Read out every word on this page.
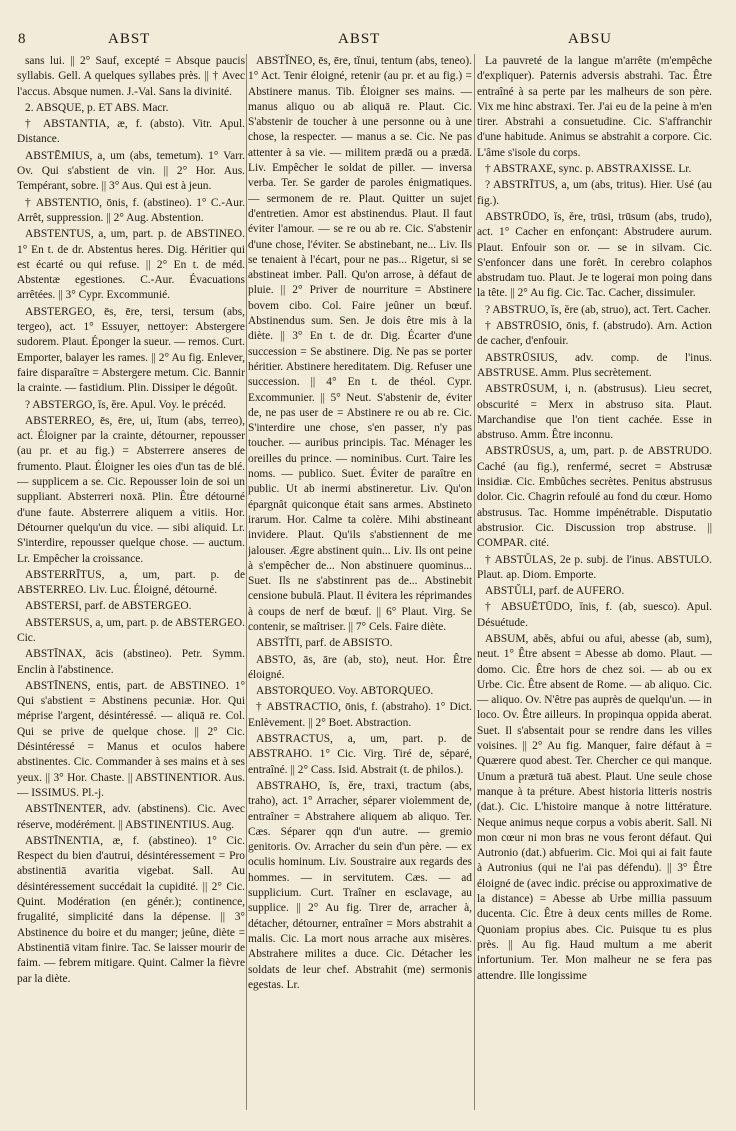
8	ABST	ABST	ABSU

sans lui. || 2° Sauf, excepté = Absque paucis syllabis. Gell. A quelques syllabes près. || † Avec l'accus. Absque numen. J.-Val. Sans la divinité.

2. ABSQUE, p. ET ABS. Macr.

† ABSTANTIA, æ, f. (absto). Vitr. Apul. Distance.

ABSTĒMIUS, a, um (abs, temetum). 1° Varr. Ov. Qui s'abstient de vin. || 2° Hor. Aus. Tempérant, sobre. || 3° Aus. Qui est à jeun.

† ABSTENTIO, ōnis, f. (abstineo). 1° C.-Aur. Arrêt, suppression. || 2° Aug. Abstention.

ABSTENTUS, a, um, part. p. de ABSTINEO. 1° En t. de dr. Abstentus heres. Dig. Héritier qui est écarté ou qui refuse. || 2° En t. de méd. Abstentæ egestiones. C.-Aur. Évacuations arrêtées. || 3° Cypr. Excommunié.

ABSTERGEO, ēs, ēre, tersi, tersum (abs, tergeo), act. 1° Essuyer, nettoyer: Abstergere sudorem. Plaut. Éponger la sueur. — remos. Curt. Emporter, balayer les rames. || 2° Au fig. Enlever, faire disparaître = Abstergere metum. Cic. Bannir la crainte. — fastidium. Plin. Dissiper le dégoût.

? ABSTERGO, ĭs, ĕre. Apul. Voy. le précéd.

ABSTERREO, ēs, ēre, ui, ĭtum (abs, terreo), act. Éloigner par la crainte, détourner, repousser (au pr. et au fig.) = Absterrere anseres de frumento. Plaut. Éloigner les oies d'un tas de blé. — supplicem a se. Cic. Repousser loin de soi un suppliant. Absterreri noxā. Plin. Être détourné d'une faute. Absterrere aliquem a vitiis. Hor. Détourner quelqu'un du vice. — sibi aliquid. Lr. S'interdire, repousser quelque chose. — auctum. Lr. Empêcher la croissance.

ABSTERRĪTUS, a, um, part. p. de ABSTERREO. Liv. Luc. Éloigné, détourné.

ABSTERSI, parf. de ABSTERGEO.

ABSTERSUS, a, um, part. p. de ABSTERGEO. Cic.

ABSTĪNAX, ācis (abstineo). Petr. Symm. Enclin à l'abstinence.

ABSTĪNENS, entis, part. de ABSTINEO. 1° Qui s'abstient = Abstinens pecuniæ. Hor. Qui méprise l'argent, désintéressé. — aliquā re. Col. Qui se prive de quelque chose. || 2° Cic. Désintéressé = Manus et oculos habere abstinentes. Cic. Commander à ses mains et à ses yeux. || 3° Hor. Chaste. || ABSTINENTIOR. Aus. — ISSIMUS. Pl.-j.

ABSTĪNENTER, adv. (abstinens). Cic. Avec réserve, modérément. || ABSTINENTIUS. Aug.

ABSTĪNENTIA, æ, f. (abstineo). 1° Cic. Respect du bien d'autrui, désintéressement = Pro abstinentiā avaritia vigebat. Sall. Au désintéressement succédait la cupidité. || 2° Cic. Quint. Modération (en génér.); continence, frugalité, simplicité dans la dépense. || 3° Abstinence du boire et du manger; jeûne, diète = Abstinentiā vitam finire. Tac. Se laisser mourir de faim. — febrem mitigare. Quint. Calmer la fièvre par la diète.

ABSTĬNEO, ēs, ēre, tĭnui, tentum (abs, teneo). 1° Act. Tenir éloigné, retenir (au pr. et au fig.) = Abstinere manus. Tib. Éloigner ses mains. — manus aliquo ou ab aliquā re. Plaut. Cic. S'abstenir de toucher à une personne ou à une chose, la respecter. — manus a se. Cic. Ne pas attenter à sa vie. — militem prædā ou a prædā. Liv. Empêcher le soldat de piller. — inversa verba. Ter. Se garder de paroles énigmatiques. — sermonem de re. Plaut. Quitter un sujet d'entretien. Amor est abstinendus. Plaut. Il faut éviter l'amour. — se re ou ab re. Cic. S'abstenir d'une chose, l'éviter. Se abstinebant, ne... Liv. Ils se tenaient à l'écart, pour ne pas... Rigetur, si se abstineat imber. Pall. Qu'on arrose, à défaut de pluie. || 2° Priver de nourriture = Abstinere bovem cibo. Col. Faire jeûner un bœuf. Abstinendus sum. Sen. Je dois être mis à la diète. || 3° En t. de dr. Dig. Écarter d'une succession = Se abstinere. Dig. Ne pas se porter héritier. Abstinere hereditatem. Dig. Refuser une succession. || 4° En t. de théol. Cypr. Excommunier. || 5° Neut. S'abstenir de, éviter de, ne pas user de = Abstinere re ou ab re. Cic. S'interdire une chose, s'en passer, n'y pas toucher. — auribus principis. Tac. Ménager les oreilles du prince. — nominibus. Curt. Taire les noms. — publico. Suet. Éviter de paraître en public. Ut ab inermi abstineretur. Liv. Qu'on épargnât quiconque était sans armes. Abstineto irarum. Hor. Calme ta colère. Mihi abstineant invidere. Plaut. Qu'ils s'abstiennent de me jalouser. Ægre abstinent quin... Liv. Ils ont peine à s'empêcher de... Non abstinuere quominus... Suet. Ils ne s'abstinrent pas de... Abstinebit censione bubulā. Plaut. Il évitera les réprimandes à coups de nerf de bœuf. || 6° Plaut. Virg. Se contenir, se maîtriser. || 7° Cels. Faire diète.

ABSTĬTI, parf. de ABSISTO.

ABSTO, ās, āre (ab, sto), neut. Hor. Être éloigné.

ABSTORQUEO. Voy. ABTORQUEO.

† ABSTRACTIO, ōnis, f. (abstraho). 1° Dict. Enlèvement. || 2° Boet. Abstraction.

ABSTRACTUS, a, um, part. p. de ABSTRAHO. 1° Cic. Virg. Tiré de, séparé, entraîné. || 2° Cass. Isid. Abstrait (t. de philos.).

ABSTRAHO, ĭs, ĕre, traxi, tractum (abs, traho), act. 1° Arracher, séparer violemment de, entraîner = Abstrahere aliquem ab aliquo. Ter. Cæs. Séparer qqn d'un autre. — gremio genitoris. Ov. Arracher du sein d'un père. — ex oculis hominum. Liv. Soustraire aux regards des hommes. — in servitutem. Cæs. — ad supplicium. Curt. Traîner en esclavage, au supplice. || 2° Au fig. Tirer de, arracher à, détacher, détourner, entraîner = Mors abstrahit a malis. Cic. La mort nous arrache aux misères. Abstrahere milites a duce. Cic. Détacher les soldats de leur chef. Abstrahit (me) sermonis egestas. Lr.

La pauvreté de la langue m'arrête (m'empêche d'expliquer). Paternis adversis abstrahi. Tac. Être entraîné à sa perte par les malheurs de son père. Vix me hinc abstraxi. Ter. J'ai eu de la peine à m'en tirer. Abstrahi a consuetudine. Cic. S'affranchir d'une habitude. Animus se abstrahit a corpore. Cic. L'âme s'isole du corps.

† ABSTRAXE, sync. p. ABSTRAXISSE. Lr.

? ABSTRĪTUS, a, um (abs, tritus). Hier. Usé (au fig.).

ABSTRŪDO, ĭs, ĕre, trūsi, trūsum (abs, trudo), act. 1° Cacher en enfonçant: Abstrudere aurum. Plaut. Enfouir son or. — se in silvam. Cic. S'enfoncer dans une forêt. In cerebro colaphos abstrudam tuo. Plaut. Je te logerai mon poing dans la tête. || 2° Au fig. Cic. Tac. Cacher, dissimuler.

? ABSTRUO, ĭs, ĕre (ab, struo), act. Tert. Cacher.

† ABSTRŪSIO, ōnis, f. (abstrudo). Arn. Action de cacher, d'enfouir.

ABSTRŪSIUS, adv. comp. de l'inus. ABSTRUSE. Amm. Plus secrètement.

ABSTRŪSUM, i, n. (abstrusus). Lieu secret, obscurité = Merx in abstruso sita. Plaut. Marchandise que l'on tient cachée. Esse in abstruso. Amm. Être inconnu.

ABSTRŪSUS, a, um, part. p. de ABSTRUDO. Caché (au fig.), renfermé, secret = Abstrusæ insidiæ. Cic. Embûches secrètes. Penitus abstrusus dolor. Cic. Chagrin refoulé au fond du cœur. Homo abstrusus. Tac. Homme impénétrable. Disputatio abstrusior. Cic. Discussion trop abstruse. || COMPAR. cité.

† ABSTŬLAS, 2e p. subj. de l'inus. ABSTULO. Plaut. ap. Diom. Emporte.

ABSTŬLI, parf. de AUFERO.

† ABSUĒTŪDO, ĭnis, f. (ab, suesco). Apul. Désuétude.

ABSUM, abĕs, abfui ou afui, abesse (ab, sum), neut. 1° Être absent = Abesse ab domo. Plaut. — domo. Cic. Être hors de chez soi. — ab ou ex Urbe. Cic. Être absent de Rome. — ab aliquo. Cic. — aliquo. Ov. N'être pas auprès de quelqu'un. — in loco. Ov. Être ailleurs. In propinqua oppida aberat. Suet. Il s'absentait pour se rendre dans les villes voisines. || 2° Au fig. Manquer, faire défaut à = Quærere quod abest. Ter. Chercher ce qui manque. Unum a præturā tuā abest. Plaut. Une seule chose manque à ta préture. Abest historia litteris nostris (dat.). Cic. L'histoire manque à notre littérature. Neque animus neque corpus a vobis aberit. Sall. Ni mon cœur ni mon bras ne vous feront défaut. Qui Autronio (dat.) abfuerim. Cic. Moi qui ai fait faute à Autronius (qui ne l'ai pas défendu). || 3° Être éloigné de (avec indic. précise ou approximative de la distance) = Abesse ab Urbe millia passuum ducenta. Cic. Être à deux cents milles de Rome. Quoniam propius abes. Cic. Puisque tu es plus près. || Au fig. Haud multum a me aberit infortunium. Ter. Mon malheur ne se fera pas attendre. Ille longissime
